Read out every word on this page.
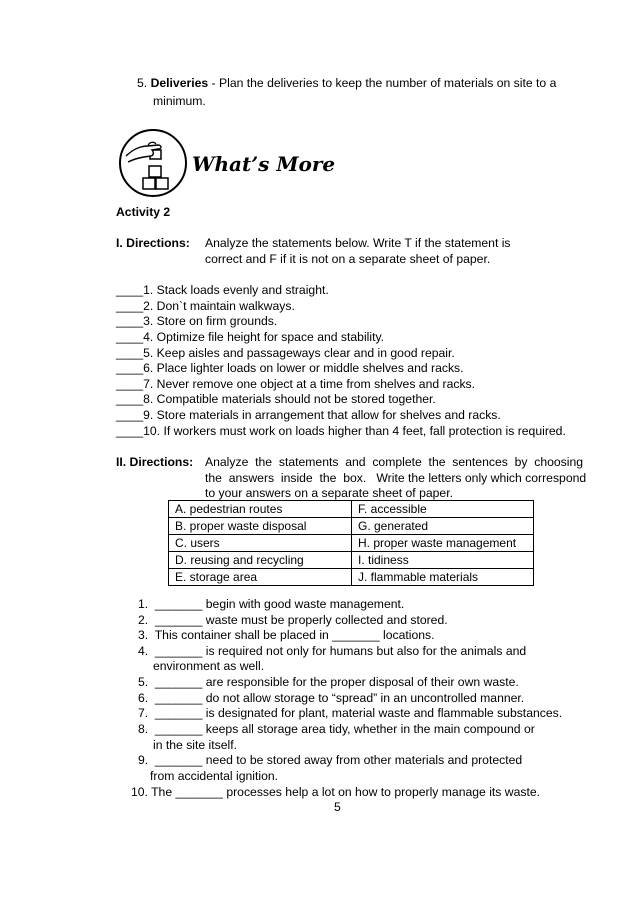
5. Deliveries - Plan the deliveries to keep the number of materials on site to a
minimum.
What’s More
Activity 2
I. Directions: Analyze the statements below. Write T if the statement is
correct and F if it is not on a separate sheet of paper.
____1. Stack loads evenly and straight.
____2. Don`t maintain walkways.
____3. Store on firm grounds.
____4. Optimize file height for space and stability.
____5. Keep aisles and passageways clear and in good repair.
____6. Place lighter loads on lower or middle shelves and racks.
____7. Never remove one object at a time from shelves and racks.
____8. Compatible materials should not be stored together.
____9. Store materials in arrangement that allow for shelves and racks.
____10. If workers must work on loads higher than 4 feet, fall protection is required.
II. Directions: Analyze  the  statements  and  complete  the  sentences  by  choosing
the  answers  inside  the  box.   Write the letters only which correspond
to your answers on a separate sheet of paper.
A. pedestrian routes	F. accessible
B. proper waste disposal	G. generated
C. users	H. proper waste management
D. reusing and recycling	I. tidiness
E. storage area	J. flammable materials
1.  _______ begin with good waste management.
2.  _______ waste must be properly collected and stored.
3.  This container shall be placed in _______ locations.
4.  _______ is required not only for humans but also for the animals and
environment as well.
5.  _______ are responsible for the proper disposal of their own waste.
6.  _______ do not allow storage to “spread” in an uncontrolled manner.
7.  _______ is designated for plant, material waste and flammable substances.
8.  _______ keeps all storage area tidy, whether in the main compound or
in the site itself.
9.  _______ need to be stored away from other materials and protected
from accidental ignition.
10. The _______ processes help a lot on how to properly manage its waste.
5
